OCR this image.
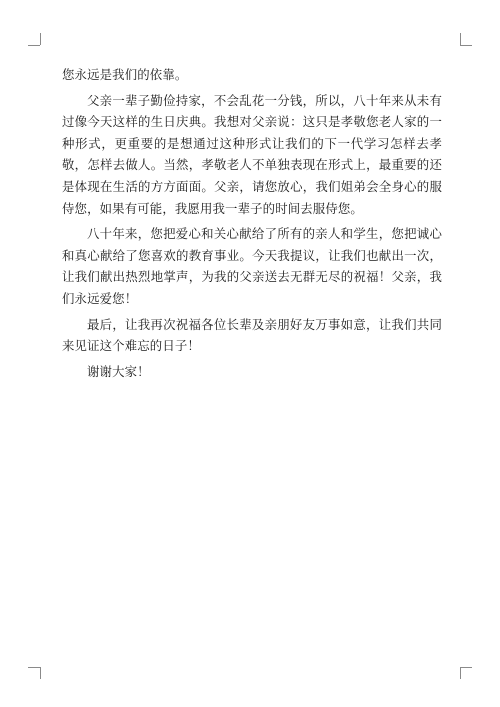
您永远是我们的依靠。

父亲一辈子勤俭持家，不会乱花一分钱，所以，八十年来从未有过像今天这样的生日庆典。我想对父亲说：这只是孝敬您老人家的一种形式，更重要的是想通过这种形式让我们的下一代学习怎样去孝敬，怎样去做人。当然，孝敬老人不单独表现在形式上，最重要的还是体现在生活的方方面面。父亲，请您放心，我们姐弟会全身心的服侍您，如果有可能，我愿用我一辈子的时间去服侍您。

八十年来，您把爱心和关心献给了所有的亲人和学生，您把诚心和真心献给了您喜欢的教育事业。今天我提议，让我们也献出一次，让我们献出热烈地掌声，为我的父亲送去无群无尽的祝福！父亲，我们永远爱您！

最后，让我再次祝福各位长辈及亲朋好友万事如意，让我们共同来见证这个难忘的日子！

谢谢大家！
